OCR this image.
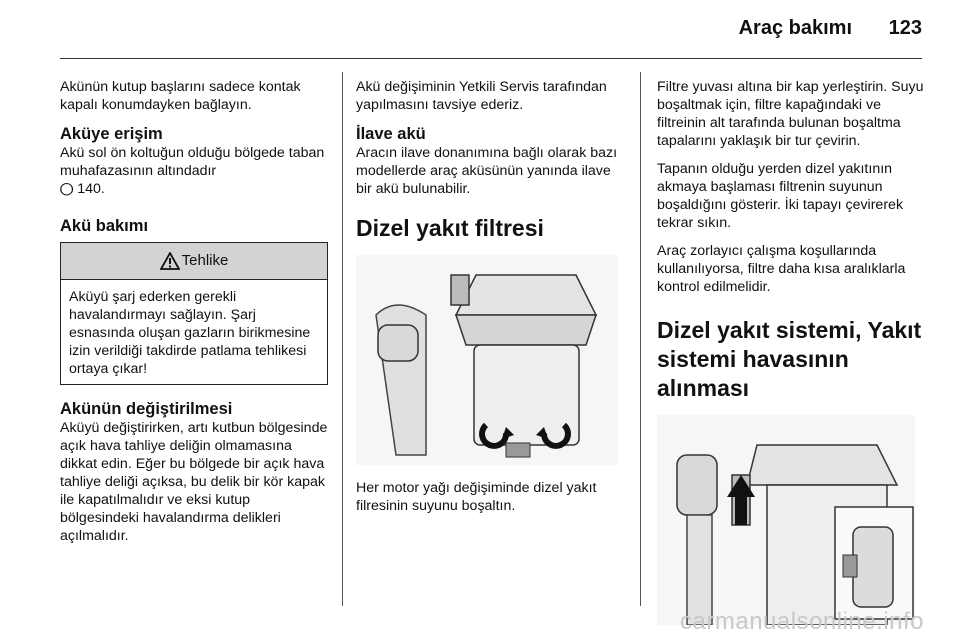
Araç bakımı 123

Akünün kutup başlarını sadece kontak kapalı konumdayken bağlayın.

Aküye erişim

Akü sol ön koltuğun olduğu bölgede taban muhafazasının altındadır
⭕︎ 140.

Akü bakımı
Tehlike
Aküyü şarj ederken gerekli havalandırmayı sağlayın. Şarj esnasında oluşan gazların birikmesine izin verildiği takdirde patlama tehlikesi ortaya çıkar!
Akünün değiştirilmesi

Aküyü değiştirirken, artı kutbun bölgesinde açık hava tahliye deliğin olmamasına dikkat edin. Eğer bu bölgede bir açık hava tahliye deliği açıksa, bu delik bir kör kapak ile kapatılmalıdır ve eksi kutup bölgesindeki havalandırma delikleri açılmalıdır.

Akü değişiminin Yetkili Servis tarafından yapılmasını tavsiye ederiz.

İlave akü

Aracın ilave donanımına bağlı olarak bazı modellerde araç aküsünün yanında ilave bir akü bulunabilir.

Dizel yakıt filtresi

Her motor yağı değişiminde dizel yakıt filresinin suyunu boşaltın.

Filtre yuvası altına bir kap yerleştirin. Suyu boşaltmak için, filtre kapağındaki ve filtreinin alt tarafında bulunan boşaltma tapalarını yaklaşık bir tur çevirin.

Tapanın olduğu yerden dizel yakıtının akmaya başlaması filtrenin suyunun boşaldığını gösterir. İki tapayı çevirerek tekrar sıkın.

Araç zorlayıcı çalışma koşullarında kullanılıyorsa, filtre daha kısa aralıklarla kontrol edilmelidir.

Dizel yakıt sistemi, Yakıt sistemi havasının alınması
carmanualsonline.info
